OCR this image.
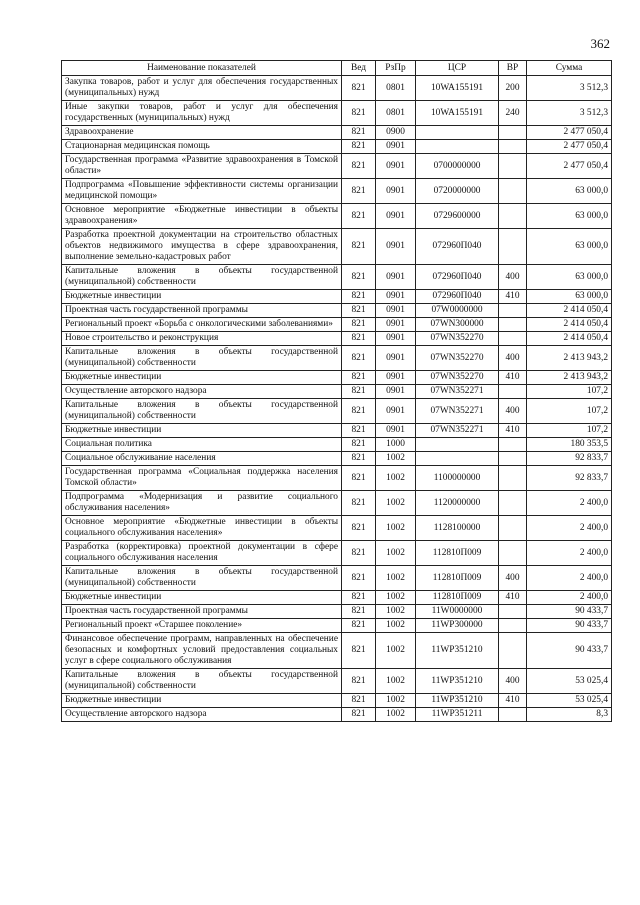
362
Наименование показателей	Вед	РзПр	ЦСР	ВР	Сумма
Закупка товаров, работ и услуг для обеспечения государственных (муниципальных) нужд	821	0801	10WA155191	200	3 512,3
Иные закупки товаров, работ и услуг для обеспечения государственных (муниципальных) нужд	821	0801	10WA155191	240	3 512,3
Здравоохранение	821	0900			2 477 050,4
Стационарная медицинская помощь	821	0901			2 477 050,4
Государственная программа «Развитие здравоохранения в Томской области»	821	0901	0700000000		2 477 050,4
Подпрограмма «Повышение эффективности системы организации медицинской помощи»	821	0901	0720000000		63 000,0
Основное мероприятие «Бюджетные инвестиции в объекты здравоохранения»	821	0901	0729600000		63 000,0
Разработка проектной документации на строительство областных объектов недвижимого имущества в сфере здравоохранения, выполнение земельно-кадастровых работ	821	0901	072960П040		63 000,0
Капитальные вложения в объекты государственной (муниципальной) собственности	821	0901	072960П040	400	63 000,0
Бюджетные инвестиции	821	0901	072960П040	410	63 000,0
Проектная часть государственной программы	821	0901	07W0000000		2 414 050,4
Региональный проект «Борьба с онкологическими заболеваниями»	821	0901	07WN300000		2 414 050,4
Новое строительство и реконструкция	821	0901	07WN352270		2 414 050,4
Капитальные вложения в объекты государственной (муниципальной) собственности	821	0901	07WN352270	400	2 413 943,2
Бюджетные инвестиции	821	0901	07WN352270	410	2 413 943,2
Осуществление авторского надзора	821	0901	07WN352271		107,2
Капитальные вложения в объекты государственной (муниципальной) собственности	821	0901	07WN352271	400	107,2
Бюджетные инвестиции	821	0901	07WN352271	410	107,2
Социальная политика	821	1000			180 353,5
Социальное обслуживание населения	821	1002			92 833,7
Государственная программа «Социальная поддержка населения Томской области»	821	1002	1100000000		92 833,7
Подпрограмма «Модернизация и развитие социального обслуживания населения»	821	1002	1120000000		2 400,0
Основное мероприятие «Бюджетные инвестиции в объекты социального обслуживания населения»	821	1002	1128100000		2 400,0
Разработка (корректировка) проектной документации в сфере социального обслуживания населения	821	1002	112810П009		2 400,0
Капитальные вложения в объекты государственной (муниципальной) собственности	821	1002	112810П009	400	2 400,0
Бюджетные инвестиции	821	1002	112810П009	410	2 400,0
Проектная часть государственной программы	821	1002	11W0000000		90 433,7
Региональный проект «Старшее поколение»	821	1002	11WP300000		90 433,7
Финансовое обеспечение программ, направленных на обеспечение безопасных и комфортных условий предоставления социальных услуг в сфере социального обслуживания	821	1002	11WP351210		90 433,7
Капитальные вложения в объекты государственной (муниципальной) собственности	821	1002	11WP351210	400	53 025,4
Бюджетные инвестиции	821	1002	11WP351210	410	53 025,4
Осуществление авторского надзора	821	1002	11WP351211		8,3
